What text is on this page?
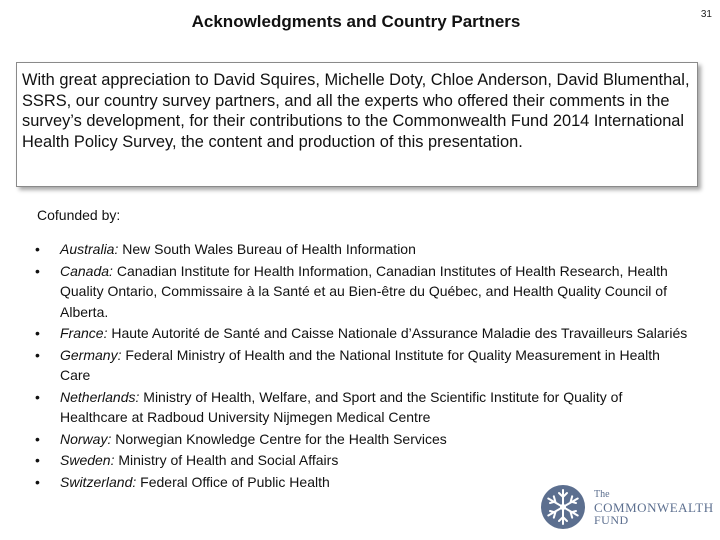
Acknowledgments and Country Partners	31
With great appreciation to David Squires, Michelle Doty, Chloe Anderson, David Blumenthal, SSRS, our country survey partners, and all the experts who offered their comments in the survey’s development, for their contributions to the Commonwealth Fund 2014 International Health Policy Survey, the content and production of this presentation.
Cofunded by:
• Australia: New South Wales Bureau of Health Information
• Canada: Canadian Institute for Health Information, Canadian Institutes of Health Research, Health Quality Ontario, Commissaire à la Santé et au Bien-être du Québec, and Health Quality Council of Alberta.
• France: Haute Autorité de Santé and Caisse Nationale d’Assurance Maladie des Travailleurs Salariés
• Germany: Federal Ministry of Health and the National Institute for Quality Measurement in Health Care
• Netherlands: Ministry of Health, Welfare, and Sport and the Scientific Institute for Quality of Healthcare at Radboud University Nijmegen Medical Centre
• Norway: Norwegian Knowledge Centre for the Health Services
• Sweden: Ministry of Health and Social Affairs
• Switzerland: Federal Office of Public Health
The
COMMONWEALTH
FUND
